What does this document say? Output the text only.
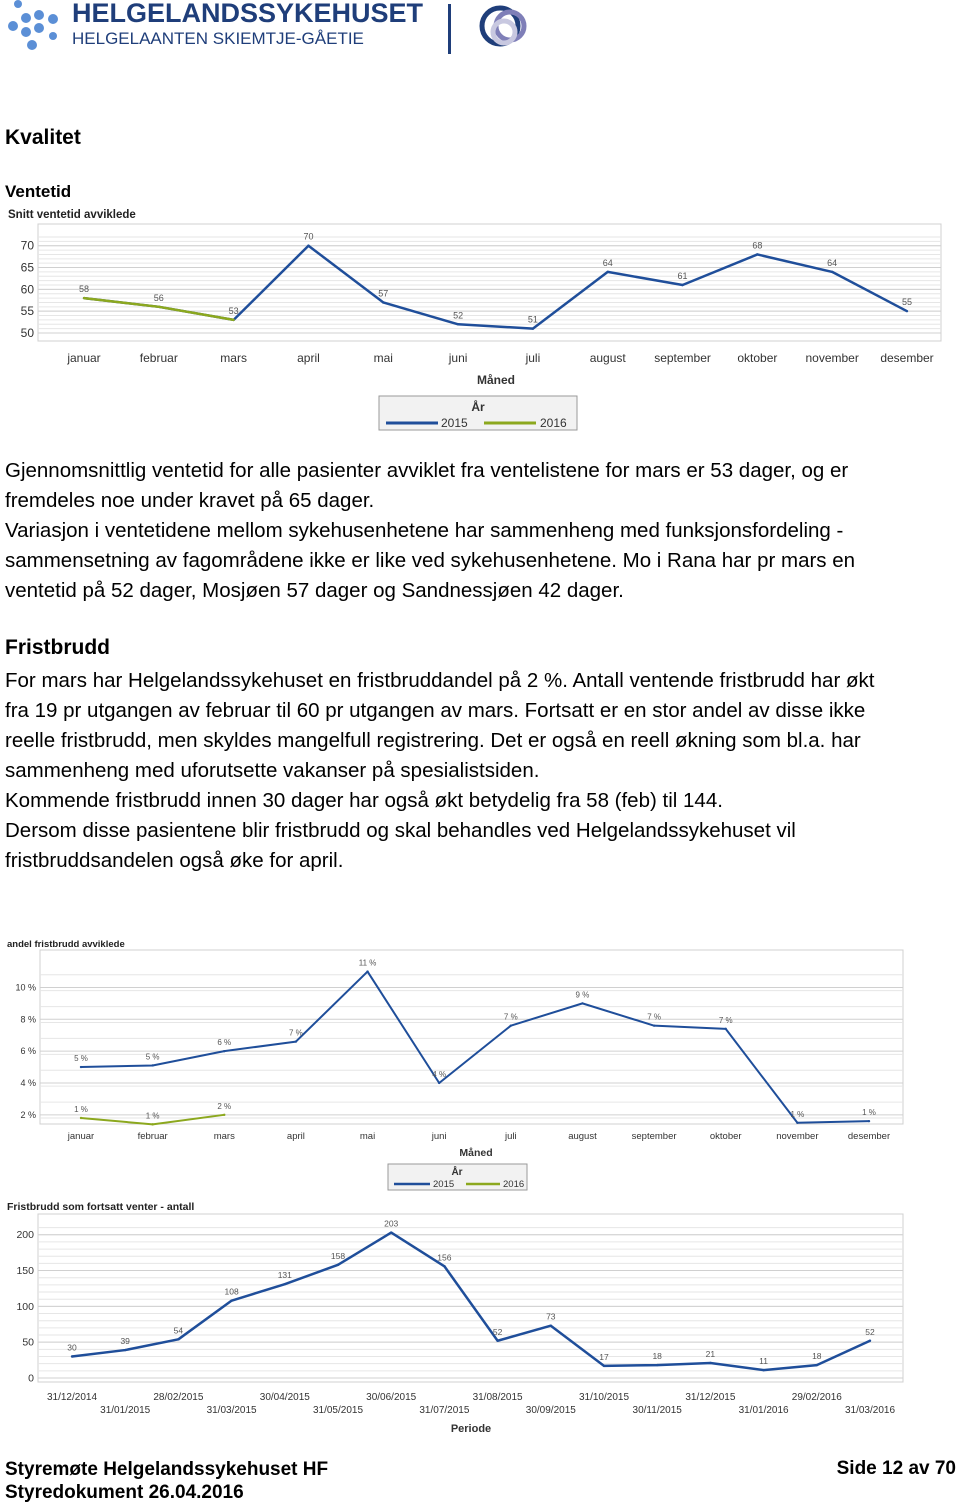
HELGELANDSSYKEHUSET
HELGELAANTEN SKIEMTJE-GÅETIE

Kvalitet

Ventetid

Snitt ventetid avviklede
50
55
60
65
70
januar	februar	mars	april	mai	juni	juli	august september oktober november desember
58
53
70
57
52	51
64
61
68
64
55
56
Måned
År
2015	2016
Gjennomsnittlig ventetid for alle pasienter avviklet fra ventelistene for mars er 53 dager, og er
fremdeles noe under kravet på 65 dager.
Variasjon i ventetidene mellom sykehusenhetene har sammenheng med funksjonsfordeling -
sammensetning av fagområdene ikke er like ved sykehusenhetene. Mo i Rana har pr mars en
ventetid på 52 dager, Mosjøen 57 dager og Sandnessjøen 42 dager.

Fristbrudd

For mars har Helgelandssykehuset en fristbruddandel på 2 %. Antall ventende fristbrudd har økt
fra 19 pr utgangen av februar til 60 pr utgangen av mars. Fortsatt er en stor andel av disse ikke
reelle fristbrudd, men skyldes mangelfull registrering. Det er også en reell økning som bl.a. har
sammenheng med uforutsette vakanser på spesialistsiden.
Kommende fristbrudd innen 30 dager har også økt betydelig fra 58 (feb) til 144.
Dersom disse pasientene blir fristbrudd og skal behandles ved Helgelandssykehuset vil
fristbruddsandelen også øke for april.
andel fristbrudd avviklede
2 %
4 %
6 %
8 %
10 %
januar	februar	mars	april	mai	juni	juli	august	september	oktober	november	desember
5 %	5 %
6 %
7 %
11 %
4 %
7 %
9 %
7 %	7 %
1 %	1 %
1 %
1 %
2 %
Måned
År
2015	2016
Fristbrudd som fortsatt venter - antall
0
50
100
150
200
31/12/2014	28/02/2015	30/04/2015	30/06/2015	31/08/2015	31/10/2015	31/12/2015	29/02/2016
31/01/2015	31/03/2015	31/05/2015	31/07/2015	30/09/2015	30/11/2015	31/01/2016	31/03/2016
30
39
54
108
131
158
203
156
52
73
17	18	21
11
18
52
Periode
Styremøte Helgelandssykehuset HF
Styredokument 26.04.2016
Side 12 av 70
